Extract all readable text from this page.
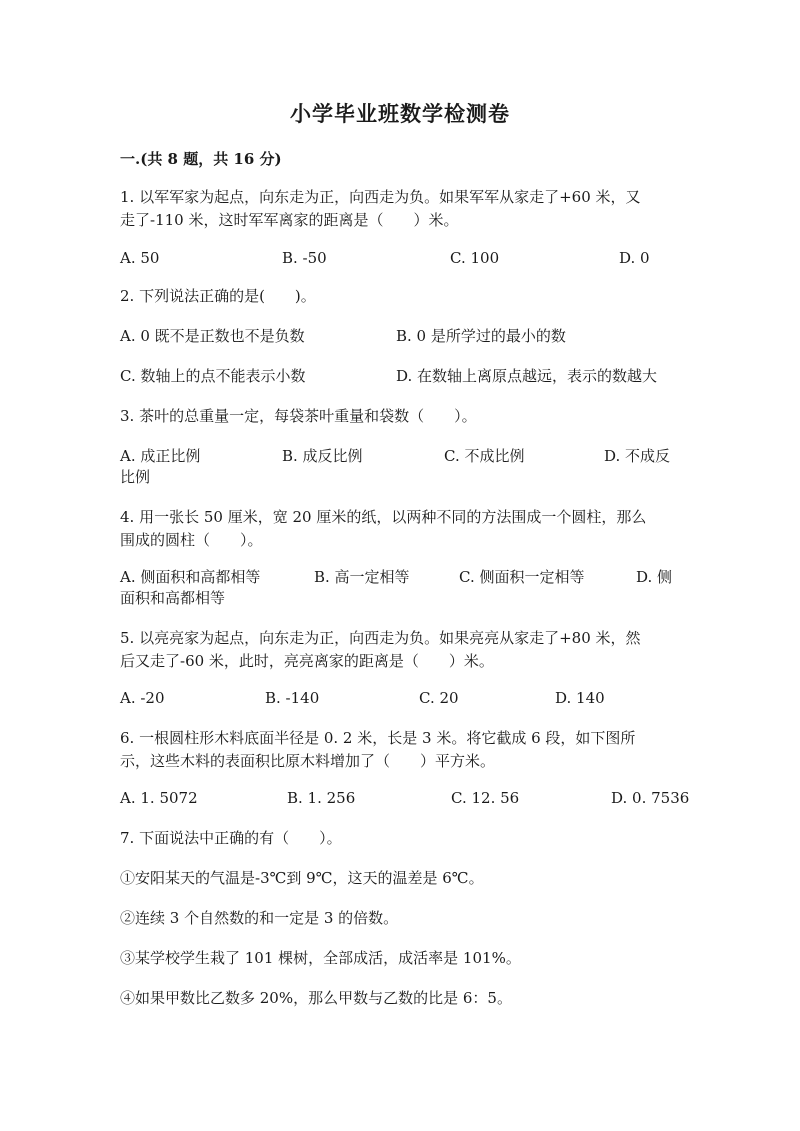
小学毕业班数学检测卷

一.(共 8 题，共 16 分)

1. 以军军家为起点，向东走为正，向西走为负。如果军军从家走了+60 米，又

走了-110 米，这时军军离家的距离是（　　）米。

A. 50	B. -50	C. 100	D. 0

2. 下列说法正确的是(　　)。

A. 0 既不是正数也不是负数	B. 0 是所学过的最小的数

C. 数轴上的点不能表示小数	D. 在数轴上离原点越远，表示的数越大

3. 茶叶的总重量一定，每袋茶叶重量和袋数（　　）。

A. 成正比例	B. 成反比例	C. 不成比例	D. 不成反

比例

4. 用一张长 50 厘米，宽 20 厘米的纸，以两种不同的方法围成一个圆柱，那么

围成的圆柱（　　）。

A. 侧面积和高都相等	B. 高一定相等	C. 侧面积一定相等	D. 侧

面积和高都相等

5. 以亮亮家为起点，向东走为正，向西走为负。如果亮亮从家走了+80 米，然

后又走了-60 米，此时，亮亮离家的距离是（　　）米。

A. -20	B. -140	C. 20	D. 140

6. 一根圆柱形木料底面半径是 0. 2 米，长是 3 米。将它截成 6 段，如下图所

示，这些木料的表面积比原木料增加了（　　）平方米。

A. 1. 5072	B. 1. 256	C. 12. 56	D. 0. 7536

7. 下面说法中正确的有（　　）。

①安阳某天的气温是-3℃到 9℃，这天的温差是 6℃。

②连续 3 个自然数的和一定是 3 的倍数。

③某学校学生栽了 101 棵树，全部成活，成活率是 101%。

④如果甲数比乙数多 20%，那么甲数与乙数的比是 6：5。
